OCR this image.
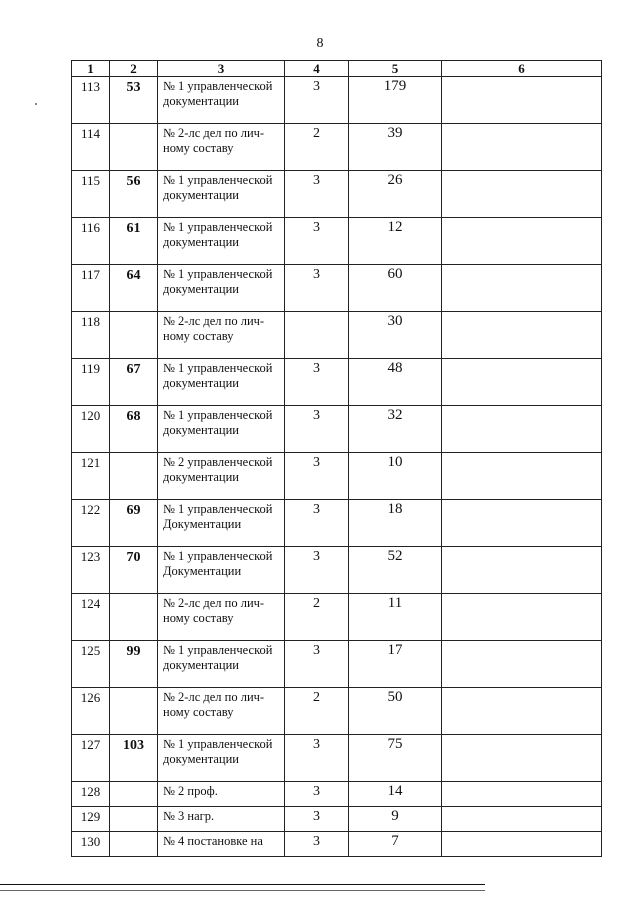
8
1	2	3	4	5	6
113	53	№ 1 управленческой документации	3	179	
114		№ 2-лс дел по лич-ному составу	2	39	
115	56	№ 1 управленческой документации	3	26	
116	61	№ 1 управленческой документации	3	12	
117	64	№ 1 управленческой документации	3	60	
118		№ 2-лс дел по лич-ному составу		30	
119	67	№ 1 управленческой документации	3	48	
120	68	№ 1 управленческой документации	3	32	
121		№ 2 управленческой документации	3	10	
122	69	№ 1 управленческой Документации	3	18	
123	70	№ 1 управленческой Документации	3	52	
124		№ 2-лс дел по лич-ному составу	2	11	
125	99	№ 1 управленческой документации	3	17	
126		№ 2-лс дел по лич-ному составу	2	50	
127	103	№ 1 управленческой документации	3	75	
128		№ 2 проф.	3	14	
129		№ 3 нагр.	3	9	
130		№ 4 постановке на	3	7	
